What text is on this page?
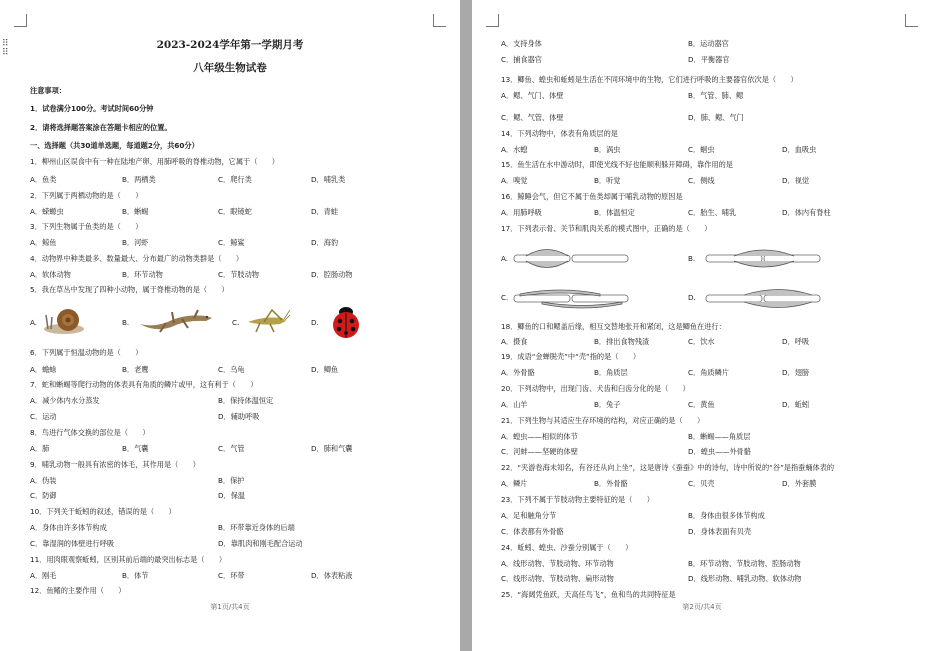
⠿
⠿
2023-2024学年第一学期月考
八年级生物试卷
注意事项：
1．试卷满分100分。考试时间60分钟
2．请将选择题答案涂在答题卡相应的位置。
一、选择题（共30道单选题，每道题2分，共60分）
1．柳州山区误食中有一种在陆地产卵、用肺呼吸的脊椎动物，它属于（　　）
A．鱼类	B．两栖类	C．爬行类	D．哺乳类
2．下列属于两栖动物的是（　　）
A．蝾螈虫	B．蜥蜴	C．眼镜蛇	D．青蛙
3．下列生物属于鱼类的是（　　）
A．鲸鱼	B．河虾	C．鲸鲨	D．海豹
4．动物界中种类最多、数量最大、分布最广的动物类群是（　　）
A．软体动物	B．环节动物	C．节肢动物	D．腔肠动物
5．我在草丛中发现了四种小动物，属于脊椎动物的是（　　）
A.	B.	C.	D.
6．下列属于恒温动物的是（　　）
A．蟾蜍	B．老鹰	C．乌龟	D．鲫鱼
7．蛇和蜥蜴等爬行动物的体表具有角质的鳞片或甲，这有利于（　　）
A．减少体内水分蒸发	B．保持体温恒定
C．运动	D．辅助呼吸
8．鸟进行气体交换的部位是（　　）
A．肺	B．气囊	C．气管	D．肺和气囊
9．哺乳动物一般具有浓密的体毛，其作用是（　　）
A．伪装	B．保护
C．防御	D．保温
10．下列关于蚯蚓的叙述，错误的是（　　）
A．身体由许多体节构成	B．环带靠近身体的后端
C．靠湿润的体壁进行呼吸	D．靠肌肉和刚毛配合运动
11．用肉眼观察蚯蚓，区别其前后端的最突出标志是（　　）
A．刚毛	B．体节	C．环带	D．体表粘液
12．鱼鳍的主要作用（　　）
第1页/共4页
A．支持身体	B．运动器官
C．捕食器官	D．平衡器官
13．鲫鱼、蝗虫和蚯蚓是生活在不同环境中的生物，它们进行呼吸的主要器官依次是（　　）
A．鳃、气门、体壁	B．气管、肺、鳃
C．鳃、气管、体壁	D．肺、鳃、气门
14．下列动物中，体表有角质层的是
A．水螅	B．涡虫	C．蛔虫	D．血吸虫
15．鱼生活在水中游动时，即使光线不好也能顺利躲开障碍，靠作用的是
A．嗅觉	B．听觉	C．侧线	D．视觉
16．鲸睡会气，但它不属于鱼类却属于哺乳动物的原因是
A．用肺呼吸	B．体温恒定	C．胎生、哺乳	D．体内有脊柱
17．下列表示骨、关节和肌肉关系的模式图中，正确的是（　　）
A.	B.
C.	D.
18．鲫鱼的口和鳃盖后缘，相互交替地张开和紧闭，这是鲫鱼在进行：
A．摄食	B．排出食物残渣	C．饮水	D．呼吸
19．成语“金蝉脱壳”中“壳”指的是（　　）
A．外骨骼	B．角质层	C．角质鳞片	D．翅膀
20．下列动物中，出现门齿、犬齿和臼齿分化的是（　　）
A．山羊	B．兔子	C．黄鱼	D．蚯蚓
21．下列生物与其适应生存环境的结构，对应正确的是（　　）
A．蝗虫——相似的体节	B．蜥蜴——角质层
C．河蚌——坚硬的体壁	D．蝗虫——外骨骼
22．“夹游卷海未知名，有谷还从向上坐”，这是唐诗《蚕蚕》中的诗句，诗中所说的“谷”是指蚕蛹体表的
A．鳞片	B．外骨骼	C．贝壳	D．外套膜
23．下列不属于节肢动物主要特征的是（　　）
A．足和触角分节	B．身体由很多体节构成
C．体表都有外骨骼	D．身体表面有贝壳
24．蚯蚓、蝗虫、沙蚕分别属于（　　）
A．线形动物、节肢动物、环节动物	B．环节动物、节肢动物、腔肠动物
C．线形动物、节肢动物、扁形动物	D．线形动物、哺乳动物、软体动物
25．“海阔凭鱼跃，天高任鸟飞”，鱼和鸟的共同特征是
第2页/共4页
